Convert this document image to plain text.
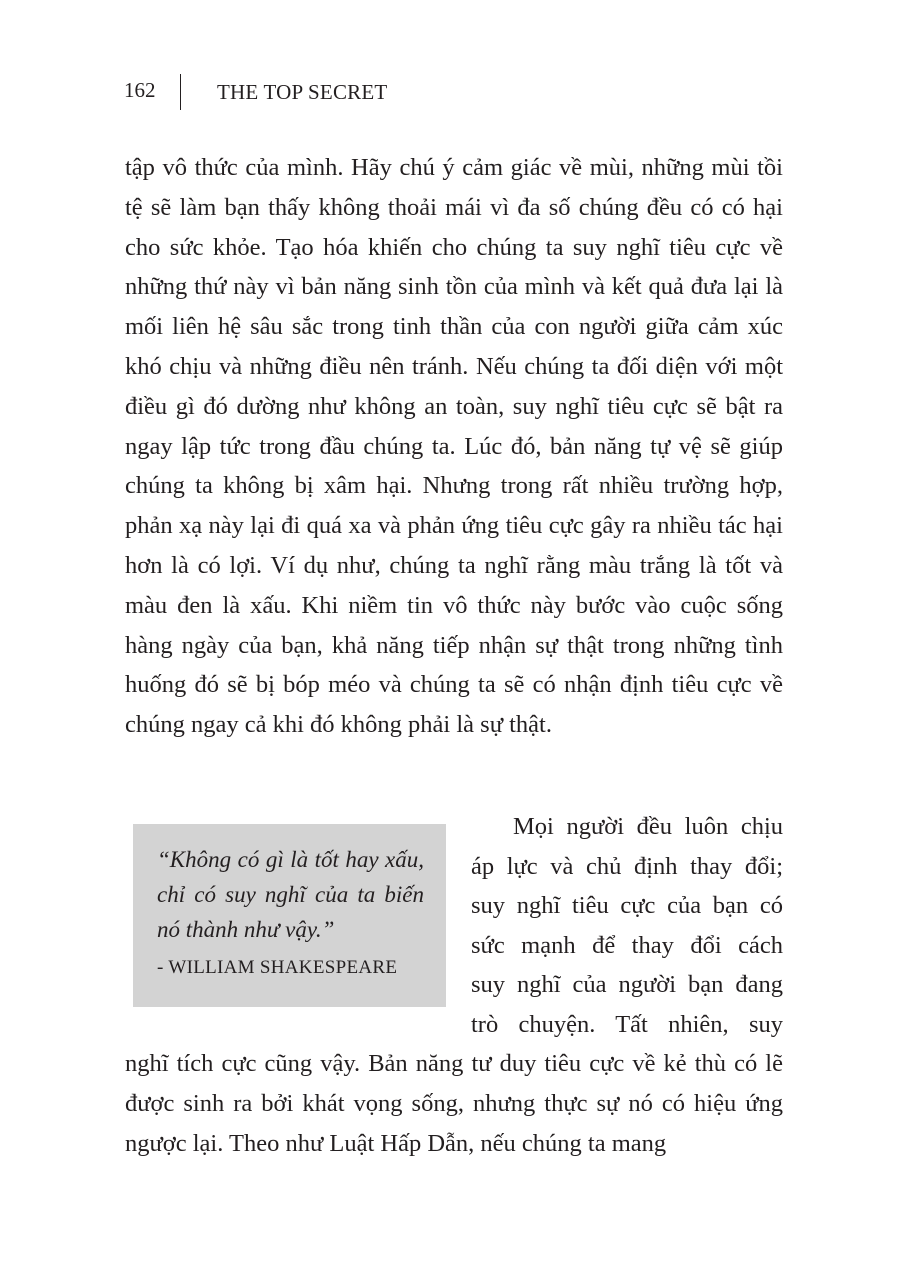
162	THE TOP SECRET

tập vô thức của mình. Hãy chú ý cảm giác về mùi, những mùi tồi tệ sẽ làm bạn thấy không thoải mái vì đa số chúng đều có có hại cho sức khỏe. Tạo hóa khiến cho chúng ta suy nghĩ tiêu cực về những thứ này vì bản năng sinh tồn của mình và kết quả đưa lại là mối liên hệ sâu sắc trong tinh thần của con người giữa cảm xúc khó chịu và những điều nên tránh. Nếu chúng ta đối diện với một điều gì đó dường như không an toàn, suy nghĩ tiêu cực sẽ bật ra ngay lập tức trong đầu chúng ta. Lúc đó, bản năng tự vệ sẽ giúp chúng ta không bị xâm hại. Nhưng trong rất nhiều trường hợp, phản xạ này lại đi quá xa và phản ứng tiêu cực gây ra nhiều tác hại hơn là có lợi. Ví dụ như, chúng ta nghĩ rằng màu trắng là tốt và màu đen là xấu. Khi niềm tin vô thức này bước vào cuộc sống hàng ngày của bạn, khả năng tiếp nhận sự thật trong những tình huống đó sẽ bị bóp méo và chúng ta sẽ có nhận định tiêu cực về chúng ngay cả khi đó không phải là sự thật.

“Không có gì là tốt hay xấu, chỉ có suy nghĩ của ta biến nó thành như vậy.”

- WILLIAM SHAKESPEARE

Mọi người đều luôn chịu
áp lực và chủ định thay đổi;
suy nghĩ tiêu cực của bạn có
sức mạnh để thay đổi cách
suy nghĩ của người bạn đang
trò chuyện. Tất nhiên, suy

nghĩ tích cực cũng vậy. Bản năng tư duy tiêu cực về kẻ thù có lẽ được sinh ra bởi khát vọng sống, nhưng thực sự nó có hiệu ứng ngược lại. Theo như Luật Hấp Dẫn, nếu chúng ta mang
